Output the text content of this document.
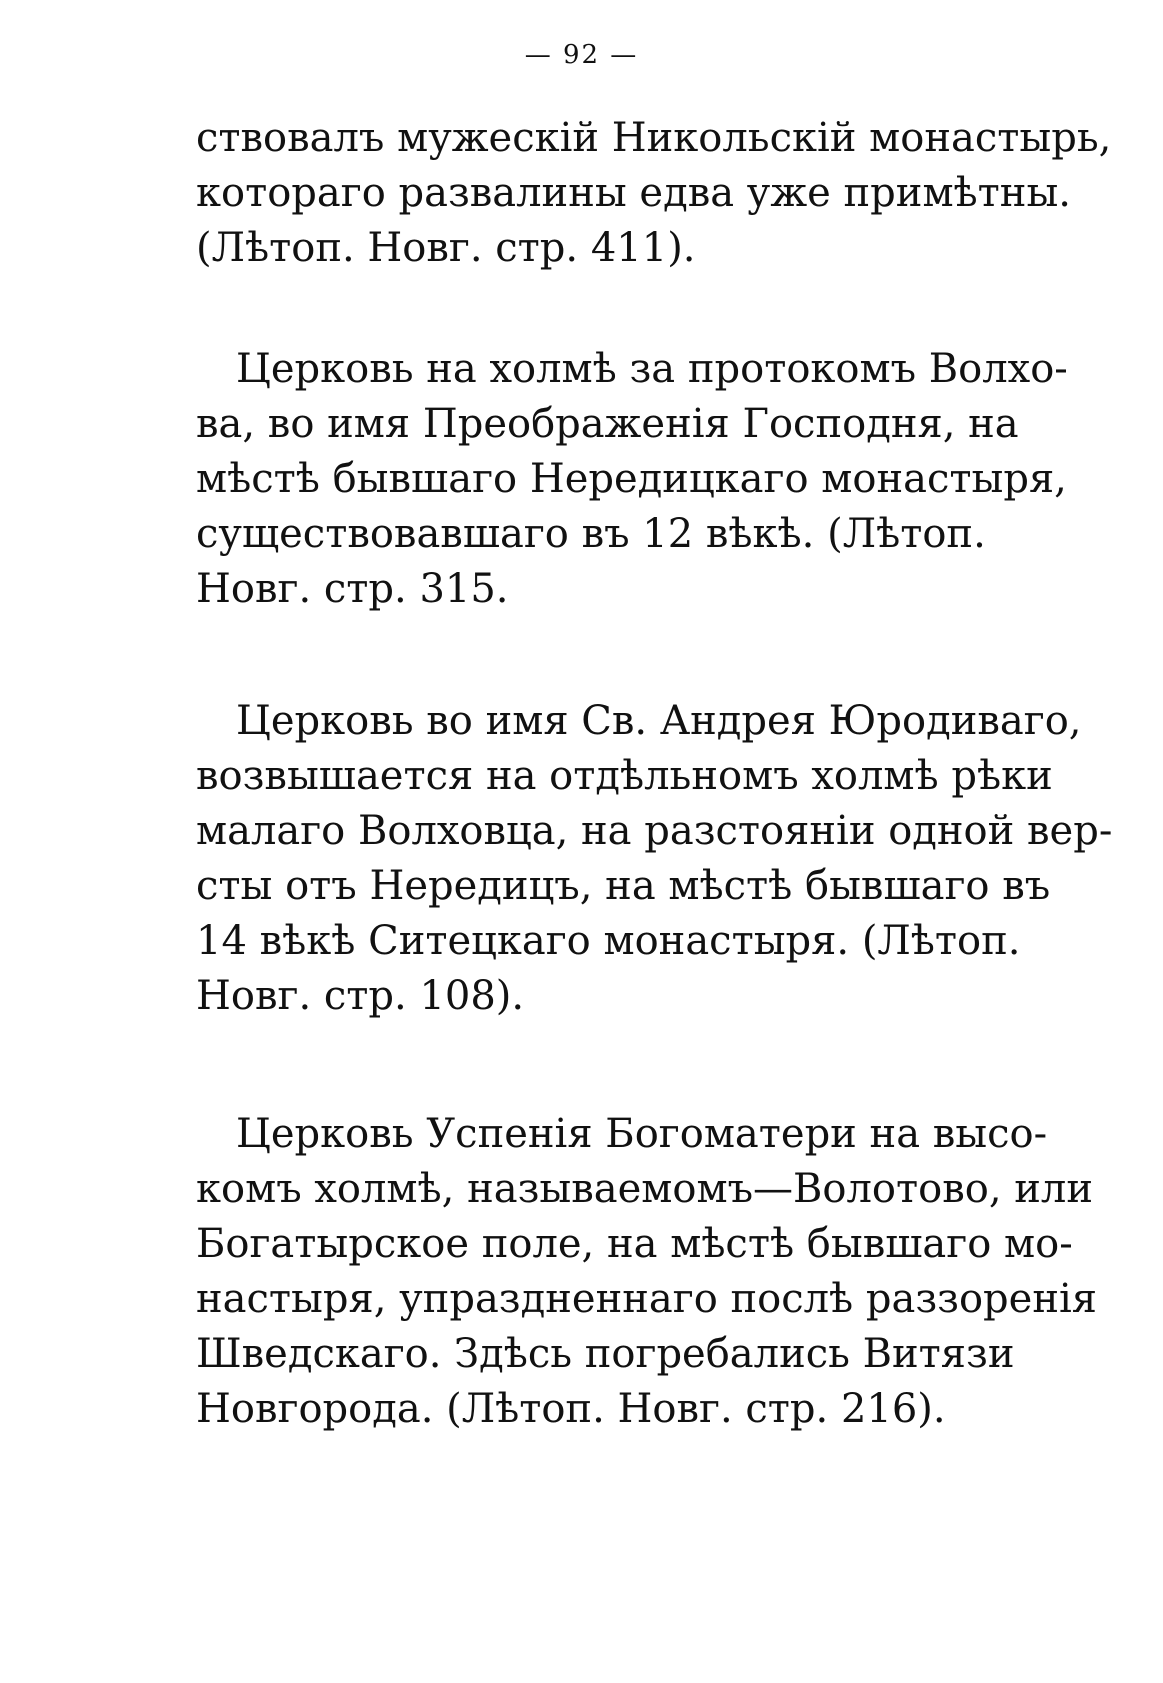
— 92 —
ствовалъ мужескій Никольскій монастырь,
котораго развалины едва уже примѣтны.
(Лѣтоп. Новг. стр. 411).
Церковь на холмѣ за протокомъ Волхо-
ва, во имя Преображенія Господня, на
мѣстѣ бывшаго Нередицкаго монастыря,
существовавшаго въ 12 вѣкѣ. (Лѣтоп.
Новг. стр. 315.
Церковь во имя Св. Андрея Юродиваго,
возвышается на отдѣльномъ холмѣ рѣки
малаго Волховца, на разстояніи одной вер-
сты отъ Нередицъ, на мѣстѣ бывшаго въ
14 вѣкѣ Ситецкаго монастыря. (Лѣтоп.
Новг. стр. 108).
Церковь Успенія Богоматери на высо-
комъ холмѣ, называемомъ—Волотово, или
Богатырское поле, на мѣстѣ бывшаго мо-
настыря, упраздненнаго послѣ раззоренія
Шведскаго. Здѣсь погребались Витязи
Новгорода. (Лѣтоп. Новг. стр. 216).
